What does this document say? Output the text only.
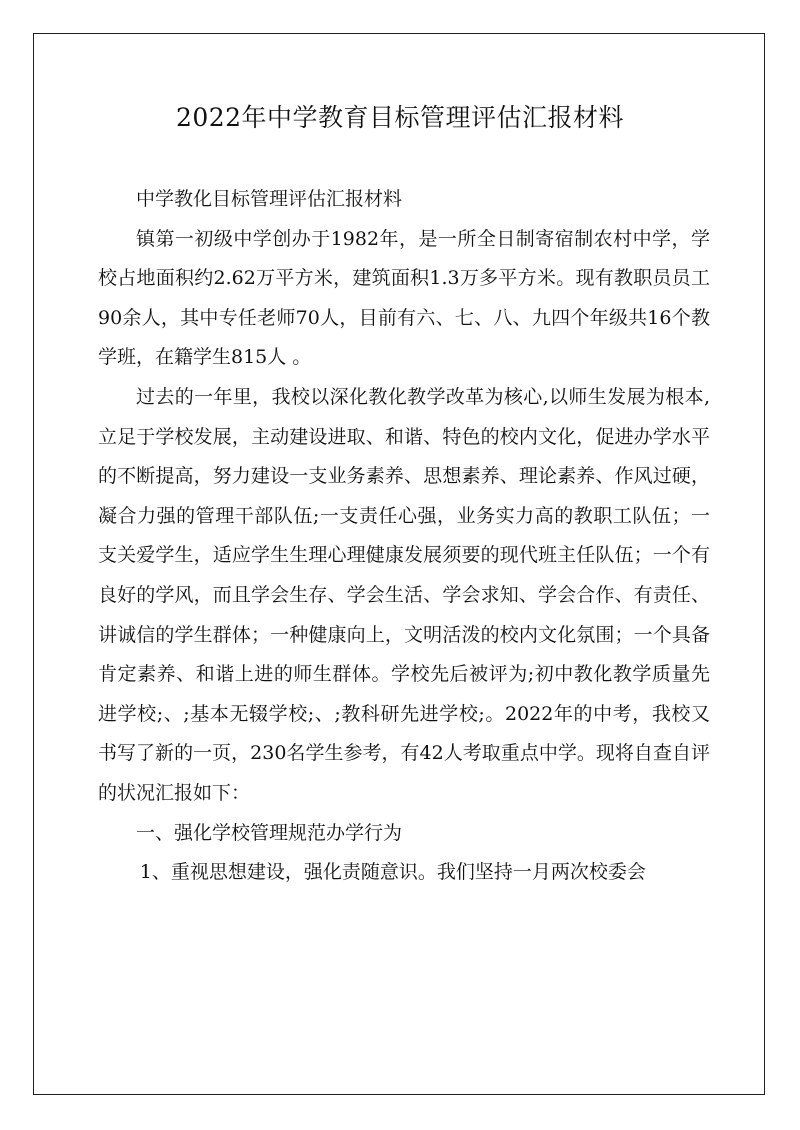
2022年中学教育目标管理评估汇报材料

中学教化目标管理评估汇报材料

镇第一初级中学创办于1982年，是一所全日制寄宿制农村中学，学校占地面积约2.62万平方米，建筑面积1.3万多平方米。现有教职员员工90余人，其中专任老师70人，目前有六、七、八、九四个年级共16个教学班，在籍学生815人 。

过去的一年里，我校以深化教化教学改革为核心,以师生发展为根本,立足于学校发展，主动建设进取、和谐、特色的校内文化，促进办学水平的不断提高，努力建设一支业务素养、思想素养、理论素养、作风过硬，凝合力强的管理干部队伍;一支责任心强，业务实力高的教职工队伍；一支关爱学生，适应学生生理心理健康发展须要的现代班主任队伍；一个有良好的学风，而且学会生存、学会生活、学会求知、学会合作、有责任、讲诚信的学生群体；一种健康向上，文明活泼的校内文化氛围；一个具备肯定素养、和谐上进的师生群体。学校先后被评为;初中教化教学质量先进学校;、;基本无辍学校;、;教科研先进学校;。2022年的中考，我校又书写了新的一页，230名学生参考，有42人考取重点中学。现将自查自评的状况汇报如下：

一、强化学校管理规范办学行为

1、重视思想建设，强化责随意识。我们坚持一月两次校委会
